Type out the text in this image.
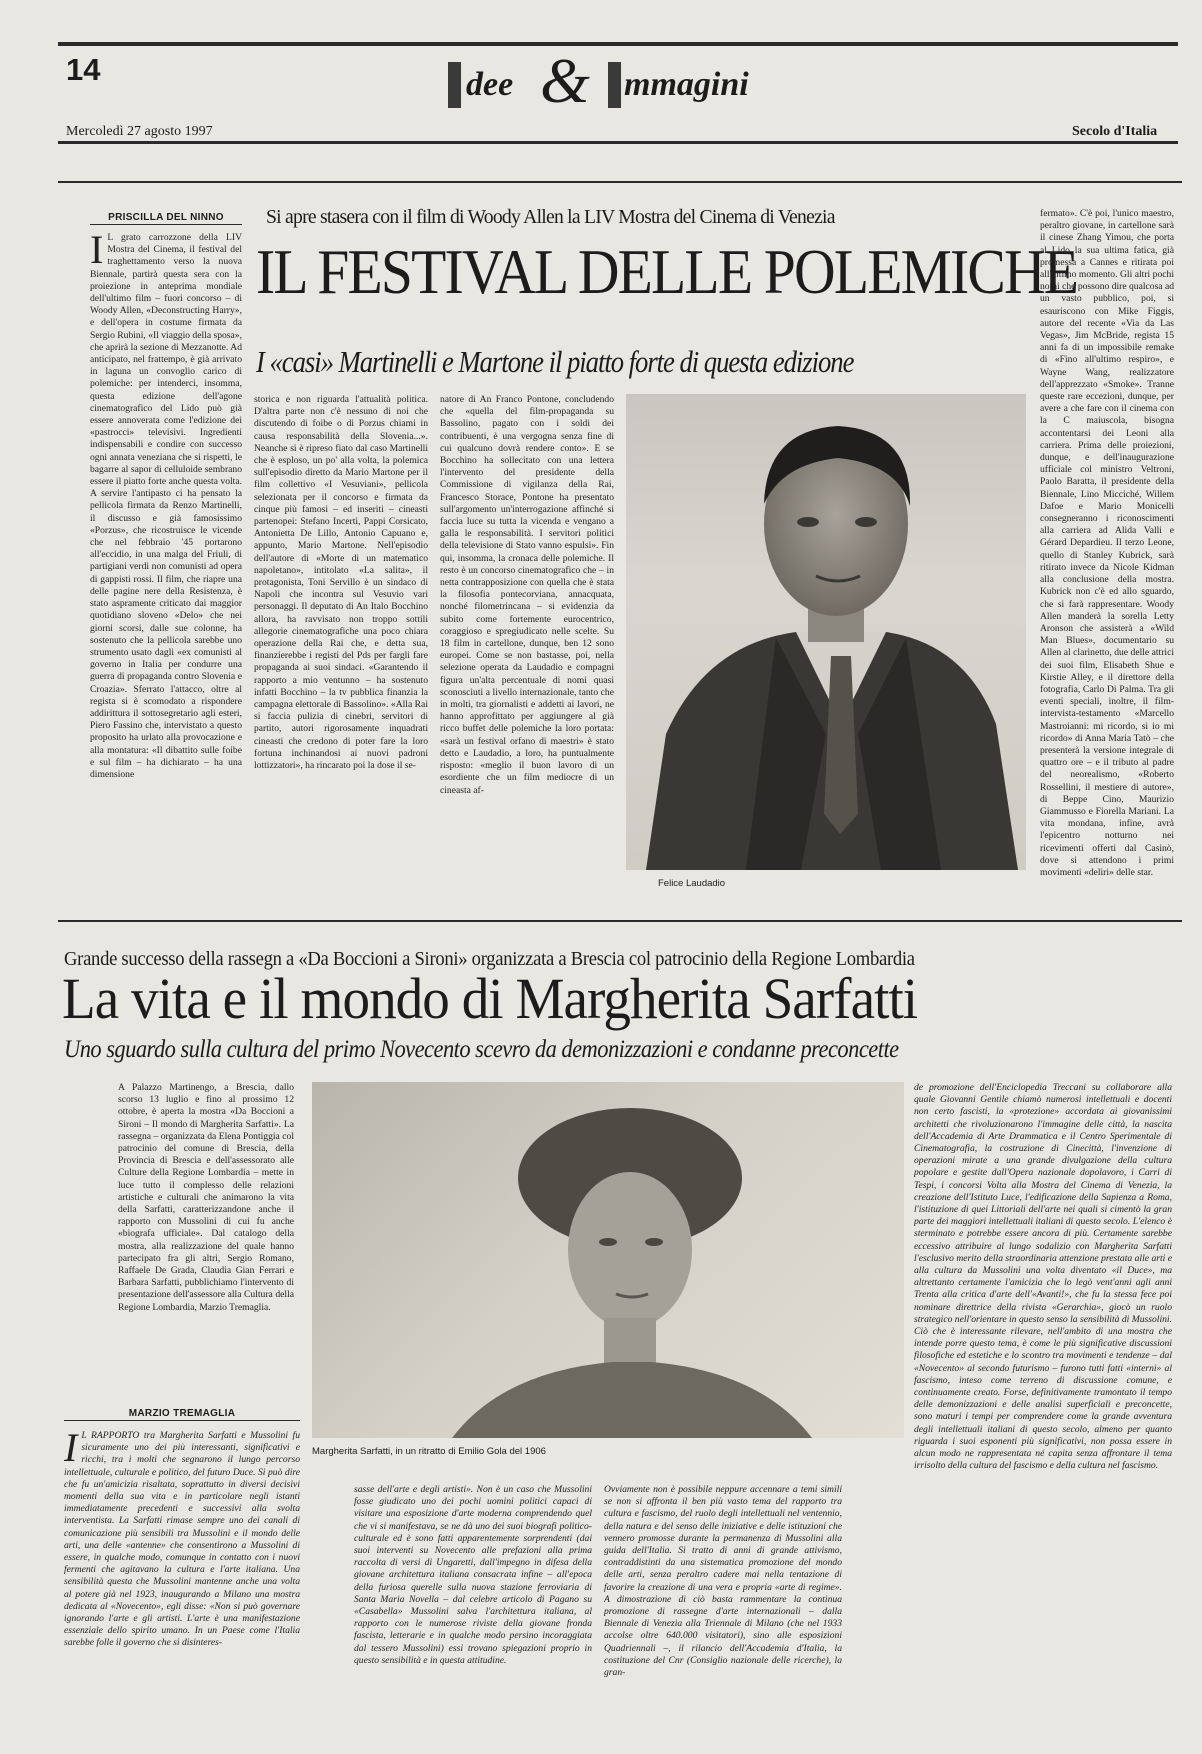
14	dee & mmagini
Mercoledì 27 agosto 1997	Secolo d'Italia
PRISCILLA DEL NINNO	Si apre stasera con il film di Woody Allen la LIV Mostra del Cinema di Venezia
IL FESTIVAL DELLE POLEMICHE
I «casi» Martinelli e Martone il piatto forte di questa edizione
I L grato carrozzone della LIV Mostra del Cinema, il festival del traghettamento verso la nuova Biennale, partirà questa sera con la proiezione in anteprima mondiale dell'ultimo film – fuori concorso – di Woody Allen, «Deconstructing Harry», e dell'opera in costume firmata da Sergio Rubini, «Il viaggio della sposa», che aprirà la sezione di Mezzanotte. Ad anticipato, nel frattempo, è già arrivato in laguna un convoglio carico di polemiche: per intenderci, insomma, questa edizione dell'agone cinematografico del Lido può già essere annoverata come l'edizione dei «pastrocci» televisivi. Ingredienti indispensabili e condire con successo ogni annata veneziana che si rispetti, le bagarre al sapor di celluloide sembrano essere il piatto forte anche questa volta. A servire l'antipasto ci ha pensato la pellicola firmata da Renzo Martinelli, il discusso e già famosissimo «Porzus», che ricostruisce le vicende che nel febbraio '45 portarono all'eccidio, in una malga del Friuli, di partigiani verdi non comunisti ad opera di gappisti rossi. Il film, che riapre una delle pagine nere della Resistenza, è stato aspramente criticato dai maggior quotidiano sloveno «Delo» che nei giorni scorsi, dalle sue colonne, ha sostenuto che la pellicola sarebbe uno strumento usato dagli «ex comunisti al governo in Italia per condurre una guerra di propaganda contro Slovenia e Croazia». Sferrato l'attacco, oltre al regista si è scomodato a rispondere addirittura il sottosegretario agli esteri, Piero Fassino che, intervistato a questo proposito ha urlato alla provocazione e alla montatura: «Il dibattito sulle foibe e sul film – ha dichiarato – ha una dimensione
storica e non riguarda l'attualità politica. D'altra parte non c'è nessuno di noi che discutendo di foibe o di Porzus chiami in causa responsabilità della Slovenia...». Neanche si è ripreso fiato dal caso Martinelli che è esploso, un po' alla volta, la polemica sull'episodio diretto da Mario Martone per il film collettivo «I Vesuviani», pellicola selezionata per il concorso e firmata da cinque più famosi – ed inseriti – cineasti partenopei: Stefano Incerti, Pappi Corsicato, Antonietta De Lillo, Antonio Capuano e, appunto, Mario Martone. Nell'episodio dell'autore di «Morte di un matematico napoletano», intitolato «La salita», il protagonista, Toni Servillo è un sindaco di Napoli che incontra sul Vesuvio vari personaggi. Il deputato di An Italo Bocchino allora, ha ravvisato non troppo sottili allegorie cinematografiche una poco chiara operazione della Rai che, e detta sua, finanzierebbe i registi del Pds per fargli fare propaganda ai suoi sindaci. «Garantendo il rapporto a mio ventunno – ha sostenuto infatti Bocchino – la tv pubblica finanzia la campagna elettorale di Bassolino». «Alla Rai si faccia pulizia di cinebri, servitori di partito, autori rigorosamente inquadrati cineasti che credono di poter fare la loro fortuna inchinandosi ai nuovi padroni lottizzatori», ha rincarato poi la dose il se-
natore di An Franco Pontone, concludendo che «quella del film-propaganda su Bassolino, pagato con i soldi dei contribuenti, è una vergogna senza fine di cui qualcuno dovrà rendere conto». E se Bocchino ha sollecitato con una lettera l'intervento del presidente della Commissione di vigilanza della Rai, Francesco Storace, Pontone ha presentato sull'argomento un'interrogazione affinché si faccia luce su tutta la vicenda e vengano a galla le responsabilità. I servitori politici della televisione di Stato vanno espulsi». Fin qui, insomma, la cronaca delle polemiche. Il resto è un concorso cinematografico che – in netta contrapposizione con quella che è stata la filosofia pontecorviana, annacquata, nonché filometrincana – si evidenzia da subito come fortemente eurocentrico, coraggioso e spregiudicato nelle scelte. Su 18 film in cartellone, dunque, ben 12 sono europei. Come se non bastasse, poi, nella selezione operata da Laudadio e compagni figura un'alta percentuale di nomi quasi sconosciuti a livello internazionale, tanto che in molti, tra giornalisti e addetti ai lavori, ne hanno approfittato per aggiungere al già ricco buffet delle polemiche la loro portata: «sarà un festival orfano di maestri» è stato detto e Laudadio, a loro, ha puntualmente risposto: «meglio il buon lavoro di un esordiente che un film mediocre di un cineasta af-
Felice Laudadio
fermato». C'è poi, l'unico maestro, peraltro giovane, in cartellone sarà il cinese Zhang Yimou, che porta al Lido la sua ultima fatica, già promessa a Cannes e ritirata poi all'ultimo momento. Gli altri pochi nomi che possono dire qualcosa ad un vasto pubblico, poi, si esauriscono con Mike Figgis, autore del recente «Via da Las Vegas», Jim McBride, regista 15 anni fa di un impossibile remake di «Fino all'ultimo respiro», e Wayne Wang, realizzatore dell'apprezzato «Smoke». Tranne queste rare eccezioni, dunque, per avere a che fare con il cinema con la C maiuscola, bisogna accontentarsi dei Leoni alla carriera. Prima delle proiezioni, dunque, e dell'inaugurazione ufficiale col ministro Veltroni, Paolo Baratta, il presidente della Biennale, Lino Micciché, Willem Dafoe e Mario Monicelli consegneranno i riconoscimenti alla carriera ad Alida Valli e Gérard Depardieu. Il terzo Leone, quello di Stanley Kubrick, sarà ritirato invece da Nicole Kidman alla conclusione della mostra. Kubrick non c'è ed allo sguardo, che si farà rappresentare. Woody Allen manderà la sorella Letty Aronson che assisterà a «Wild Man Blues», documentario su Allen al clarinetto, due delle attrici dei suoi film, Elisabeth Shue e Kirstie Alley, e il direttore della fotografia, Carlo Di Palma. Tra gli eventi speciali, inoltre, il film-intervista-testamento «Marcello Mastroianni: mi ricordo, sì io mi ricordo» di Anna Maria Tatò – che presenterà la versione integrale di quattro ore – e il tributo al padre del neorealismo, «Roberto Rossellini, il mestiere di autore», di Beppe Cino, Maurizio Giammusso e Fiorella Mariani. La vita mondana, infine, avrà l'epicentro notturno nei ricevimenti offerti dal Casinò, dove si attendono i primi movimenti «deliri» delle star.
Grande successo della rassegn a «Da Boccioni a Sironi» organizzata a Brescia col patrocinio della Regione Lombardia
La vita e il mondo di Margherita Sarfatti
Uno sguardo sulla cultura del primo Novecento scevro da demonizzazioni e condanne preconcette
A Palazzo Martinengo, a Brescia, dallo scorso 13 luglio e fino al prossimo 12 ottobre, è aperta la mostra «Da Boccioni a Sironi – Il mondo di Margherita Sarfatti». La rassegna – organizzata da Elena Pontiggia col patrocinio del comune di Brescia, della Provincia di Brescia e dell'assessorato alle Culture della Regione Lombardia – mette in luce tutto il complesso delle relazioni artistiche e culturali che animarono la vita della Sarfatti, caratterizzandone anche il rapporto con Mussolini di cui fu anche «biografa ufficiale». Dal catalogo della mostra, alla realizzazione del quale hanno partecipato fra gli altri, Sergio Romano, Raffaele De Grada, Claudia Gian Ferrari e Barbara Sarfatti, pubblichiamo l'intervento di presentazione dell'assessore alla Cultura della Regione Lombardia, Marzio Tremaglia.
MARZIO TREMAGLIA
Margherita Sarfatti, in un ritratto di Emilio Gola del 1906
I L RAPPORTO tra Margherita Sarfatti e Mussolini fu sicuramente uno dei più interessanti, significativi e ricchi, tra i molti che segnarono il lungo percorso intellettuale, culturale e politico, del futuro Duce. Si può dire che fu un'amicizia risaltata, soprattutto in diversi decisivi momenti della sua vita e in particolare negli istanti immediatamente precedenti e successivi alla svolta interventista. La Sarfatti rimase sempre uno dei canali di comunicazione più sensibili tra Mussolini e il mondo delle arti, una delle «antenne» che consentirono a Mussolini di essere, in qualche modo, comunque in contatto con i nuovi fermenti che agitavano la cultura e l'arte italiana. Una sensibilità questa che Mussolini mantenne anche una volta al potere già nel 1923, inaugurando a Milano una mostra dedicata al «Novecento», egli disse: «Non si può governare ignorando l'arte e gli artisti. L'arte è una manifestazione essenziale dello spirito umano. In un Paese come l'Italia sarebbe folle il governo che si disinteres-
sasse dell'arte e degli artisti». Non è un caso che Mussolini fosse giudicato uno dei pochi uomini politici capaci di visitare una esposizione d'arte moderna comprendendo quel che vi si manifestava, se ne dà uno dei suoi biografi politico-culturale ed è sono fatti apparentemente sorprendenti (dai suoi interventi su Novecento alle prefazioni alla prima raccolta di versi di Ungaretti, dall'impegno in difesa della giovane architettura italiana consacrata infine – all'epoca della furiosa querelle sulla nuova stazione ferroviaria di Santa Maria Novella – dal celebre articolo di Pagano su «Casabella» Mussolini salva l'architettura italiana, al rapporto con le numerose riviste della giovane fronda fascista, letterarie e in qualche modo persino incoraggiata dal tessero Mussolini) essi trovano spiegazioni proprio in questo sensibilità e in questa attitudine.
Ovviamente non è possibile neppure accennare a temi simili se non si affronta il ben più vasto tema del rapporto tra cultura e fascismo, del ruolo degli intellettuali nel ventennio, della natura e del senso delle iniziative e delle istituzioni che vennero promosse durante la permanenza di Mussolini alla guida dell'Italia. Si tratto di anni di grande attivismo, contraddistinti da una sistematica promozione del mondo delle arti, senza peraltro cadere mai nella tentazione di favorire la creazione di una vera e propria «arte di regime». A dimostrazione di ciò basta rammentare la continua promozione di rassegne d'arte internazionali – dalla Biennale di Venezia alla Triennale di Milano (che nel 1933 accolse oltre 640.000 visitatori), sino alle esposizioni Quadriennali –, il rilancio dell'Accademia d'Italia, la costituzione del Cnr (Consiglio nazionale delle ricerche), la gran-
de promozione dell'Enciclopedia Treccani su collaborare alla quale Giovanni Gentile chiamò numerosi intellettuali e docenti non certo fascisti, la «protezione» accordata ai giovanissimi architetti che rivoluzionarono l'immagine delle città, la nascita dell'Accademia di Arte Drammatica e il Centro Sperimentale di Cinematografia, la costruzione di Cinecittà, l'invenzione di operazioni mirate a una grande divulgazione della cultura popolare e gestite dall'Opera nazionale dopolavoro, i Carri di Tespi, i concorsi Volta alla Mostra del Cinema di Venezia, la creazione dell'Istituto Luce, l'edificazione della Sapienza a Roma, l'istituzione di quei Littoriali dell'arte nei quali si cimentò la gran parte dei maggiori intellettuali italiani di questo secolo. L'elenco è sterminato e potrebbe essere ancora di più. Certamente sarebbe eccessivo attribuire al lungo sodalizio con Margherita Sarfatti l'esclusivo merito della straordinaria attenzione prestata alle arti e alla cultura da Mussolini una volta diventato «il Duce», ma altrettanto certamente l'amicizia che lo legò vent'anni agli anni Trenta alla critica d'arte dell'«Avanti!», che fu la stessa fece poi nominare direttrice della rivista «Gerarchia», giocò un ruolo strategico nell'orientare in questo senso la sensibilità di Mussolini. Ciò che è interessante rilevare, nell'ambito di una mostra che intende porre questo tema, è come le più significative discussioni filosofiche ed estetiche e lo scontro tra movimenti e tendenze – dal «Novecento» al secondo futurismo – furono tutti fatti «interni» al fascismo, inteso come terreno di discussione comune, e continuamente creato. Forse, definitivamente tramontato il tempo delle demonizzazioni e delle analisi superficiali e preconcette, sono maturi i tempi per comprendere come la grande avventura degli intellettuali italiani di questo secolo, almeno per quanto riguarda i suoi esponenti più significativi, non possa essere in alcun modo ne rappresentata né capita senza affrontare il tema irrisolto della cultura del fascismo e della cultura nel fascismo.
